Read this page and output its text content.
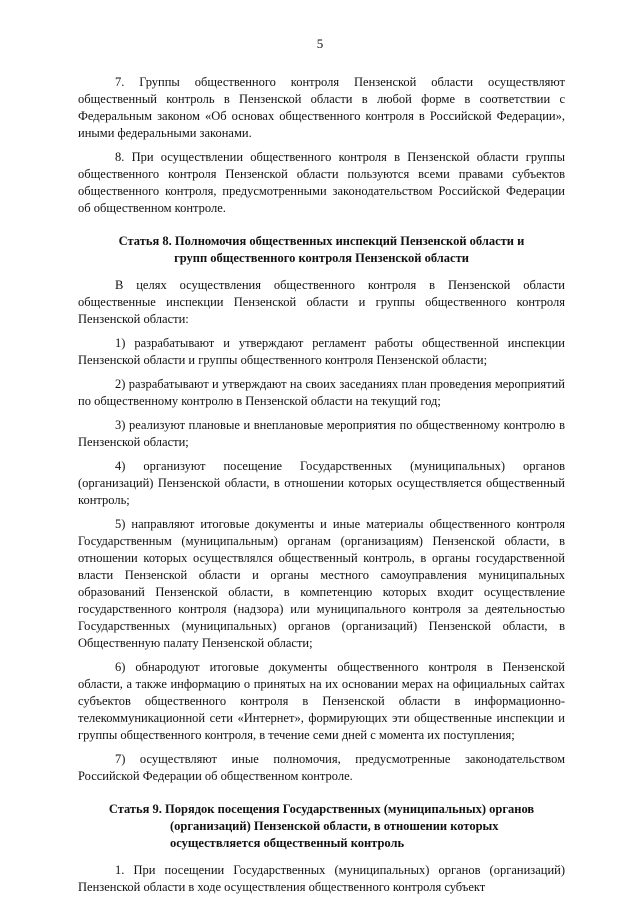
5

7. Группы общественного контроля Пензенской области осуществляют общественный контроль в Пензенской области в любой форме в соответствии с Федеральным законом «Об основах общественного контроля в Российской Федерации», иными федеральными законами.

8. При осуществлении общественного контроля в Пензенской области группы общественного контроля Пензенской области пользуются всеми правами субъектов общественного контроля, предусмотренными законодательством Российской Федерации об общественном контроле.

Статья 8. Полномочия общественных инспекций Пензенской области и
групп общественного контроля Пензенской области

В целях осуществления общественного контроля в Пензенской области общественные инспекции Пензенской области и группы общественного контроля Пензенской области:

1) разрабатывают и утверждают регламент работы общественной инспекции Пензенской области и группы общественного контроля Пензенской области;

2) разрабатывают и утверждают на своих заседаниях план проведения мероприятий по общественному контролю в Пензенской области на текущий год;

3) реализуют плановые и внеплановые мероприятия по общественному контролю в Пензенской области;

4) организуют посещение Государственных (муниципальных) органов (организаций) Пензенской области, в отношении которых осуществляется общественный контроль;

5) направляют итоговые документы и иные материалы общественного контроля Государственным (муниципальным) органам (организациям) Пензенской области, в отношении которых осуществлялся общественный контроль, в органы государственной власти Пензенской области и органы местного самоуправления муниципальных образований Пензенской области, в компетенцию которых входит осуществление государственного контроля (надзора) или муниципального контроля за деятельностью Государственных (муниципальных) органов (организаций) Пензенской области, в Общественную палату Пензенской области;

6) обнародуют итоговые документы общественного контроля в Пензенской области, а также информацию о принятых на их основании мерах на официальных сайтах субъектов общественного контроля в Пензенской области в информационно-телекоммуникационной сети «Интернет», формирующих эти общественные инспекции и группы общественного контроля, в течение семи дней с момента их поступления;

7) осуществляют иные полномочия, предусмотренные законодательством Российской Федерации об общественном контроле.

Статья 9. Порядок посещения Государственных (муниципальных) органов
(организаций) Пензенской области, в отношении которых
осуществляется общественный контроль

1. При посещении Государственных (муниципальных) органов (организаций) Пензенской области в ходе осуществления общественного контроля субъект
